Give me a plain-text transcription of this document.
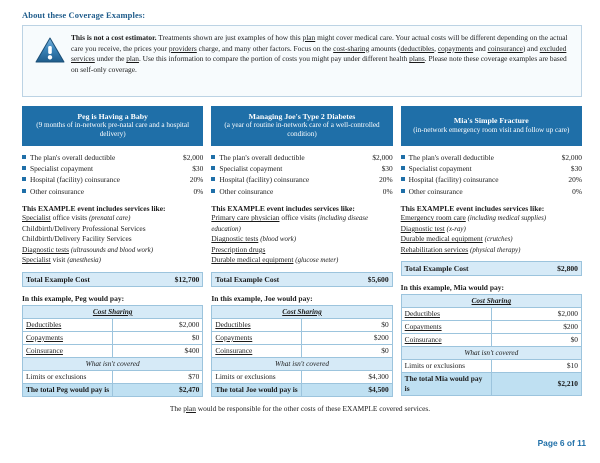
About these Coverage Examples:
This is not a cost estimator. Treatments shown are just examples of how this plan might cover medical care. Your actual costs will be different depending on the actual care you receive, the prices your providers charge, and many other factors. Focus on the cost-sharing amounts (deductibles, copayments and coinsurance) and excluded services under the plan. Use this information to compare the portion of costs you might pay under different health plans. Please note these coverage examples are based on self-only coverage.
Peg is Having a Baby
(9 months of in-network pre-natal care and a hospital delivery)
The plan's overall deductible	$2,000
Specialist copayment	$30
Hospital (facility) coinsurance	20%
Other coinsurance	0%
This EXAMPLE event includes services like:
Specialist office visits (prenatal care)
Childbirth/Delivery Professional Services
Childbirth/Delivery Facility Services
Diagnostic tests (ultrasounds and blood work)
Specialist visit (anesthesia)
Total Example Cost	$12,700
In this example, Peg would pay:
Cost Sharing	
Deductibles	$2,000
Copayments	$0
Coinsurance	$400
What isn't covered	
Limits or exclusions	$70
The total Peg would pay is	$2,470
Managing Joe's Type 2 Diabetes
(a year of routine in-network care of a well-controlled condition)
The plan's overall deductible	$2,000
Specialist copayment	$30
Hospital (facility) coinsurance	20%
Other coinsurance	0%
This EXAMPLE event includes services like:
Primary care physician office visits (including disease education)
Diagnostic tests (blood work)
Prescription drugs
Durable medical equipment (glucose meter)
Total Example Cost	$5,600
In this example, Joe would pay:
Cost Sharing	
Deductibles	$0
Copayments	$200
Coinsurance	$0
What isn't covered	
Limits or exclusions	$4,300
The total Joe would pay is	$4,500
Mia's Simple Fracture
(in-network emergency room visit and follow up care)
The plan's overall deductible	$2,000
Specialist copayment	$30
Hospital (facility) coinsurance	20%
Other coinsurance	0%
This EXAMPLE event includes services like:
Emergency room care (including medical supplies)
Diagnostic test (x-ray)
Durable medical equipment (crutches)
Rehabilitation services (physical therapy)
Total Example Cost	$2,800
In this example, Mia would pay:
Cost Sharing	
Deductibles	$2,000
Copayments	$200
Coinsurance	$0
What isn't covered	
Limits or exclusions	$10
The total Mia would pay is	$2,210
The plan would be responsible for the other costs of these EXAMPLE covered services.
Page 6 of 11
